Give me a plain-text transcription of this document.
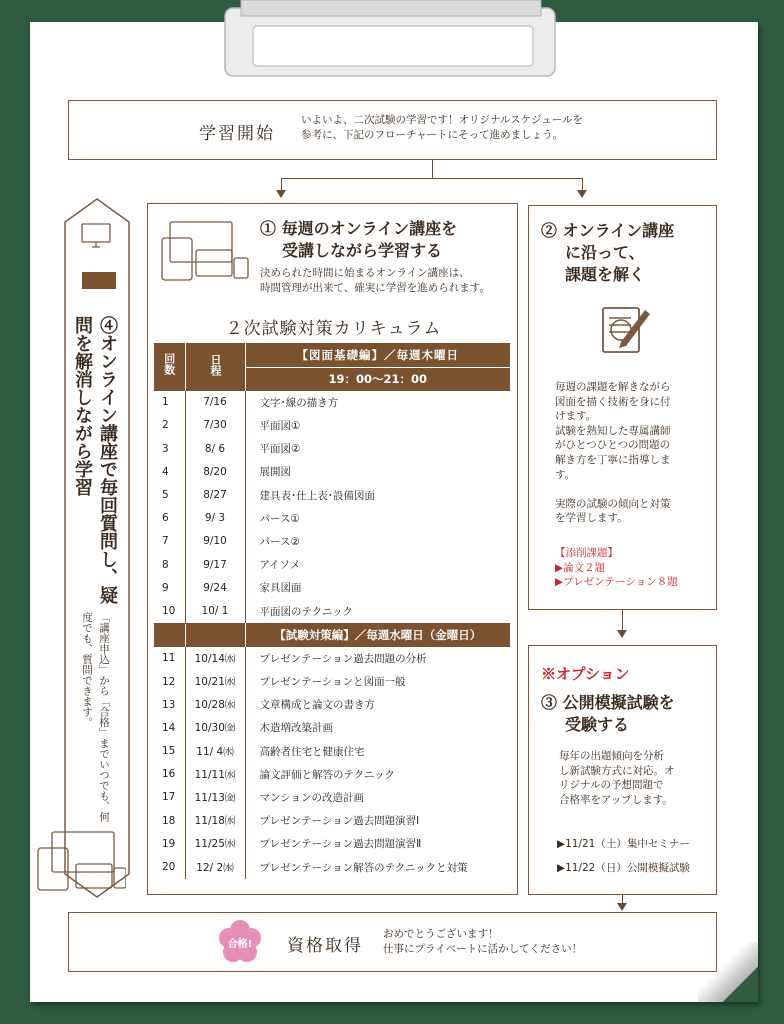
学習開始
いよいよ、二次試験の学習です！オリジナルスケジュールを
参考に、下記のフローチャートにそって進めましょう。
① 毎週のオンライン講座を
受講しながら学習する
決められた時間に始まるオンライン講座は、
時間管理が出来て、確実に学習を進められます。
２次試験対策カリキュラム
回数	日程	【図面基礎編】／毎週木曜日
		19：00〜21：00
1	7/16	文字･線の描き方
2	7/30	平面図①
3	8/ 6	平面図②
4	8/20	展開図
5	8/27	建具表･仕上表･設備図面
6	9/ 3	パース①
7	9/10	パース②
8	9/17	アイソメ
9	9/24	家具図面
10	10/ 1	平面図のテクニック
		【試験対策編】／毎週水曜日（金曜日）
11	10/14㈬	プレゼンテーション過去問題の分析
12	10/21㈬	プレゼンテーションと図面一般
13	10/28㈬	文章構成と論文の書き方
14	10/30㈮	木造増改築計画
15	11/ 4㈬	高齢者住宅と健康住宅
16	11/11㈬	論文評価と解答のテクニック
17	11/13㈮	マンションの改造計画
18	11/18㈬	プレゼンテーション過去問題演習Ⅰ
19	11/25㈬	プレゼンテーション過去問題演習Ⅱ
20	12/ 2㈬	プレゼンテーション解答のテクニックと対策
② オンライン講座
に沿って、
課題を解く
毎週の課題を解きながら
図面を描く技術を身に付
けます。
試験を熟知した専属講師
がひとつひとつの問題の
解き方を丁寧に指導しま
す。

実際の試験の傾向と対策
を学習します。
【添削課題】
▶論文２題
▶プレゼンテーション８題
※オプション
③ 公開模擬試験を
受験する
毎年の出題傾向を分析
し新試験方式に対応。オ
リジナルの予想問題で
合格率をアップします。
▶11/21（土）集中セミナー
▶11/22（日）公開模擬試験
④オンライン講座で毎回質問し、疑問を解消しながら学習
「講座申込」から「合格」までいつでも、何度でも、質問できます。
合格!	資格取得
おめでとうございます！
仕事にプライベートに活かしてください！
